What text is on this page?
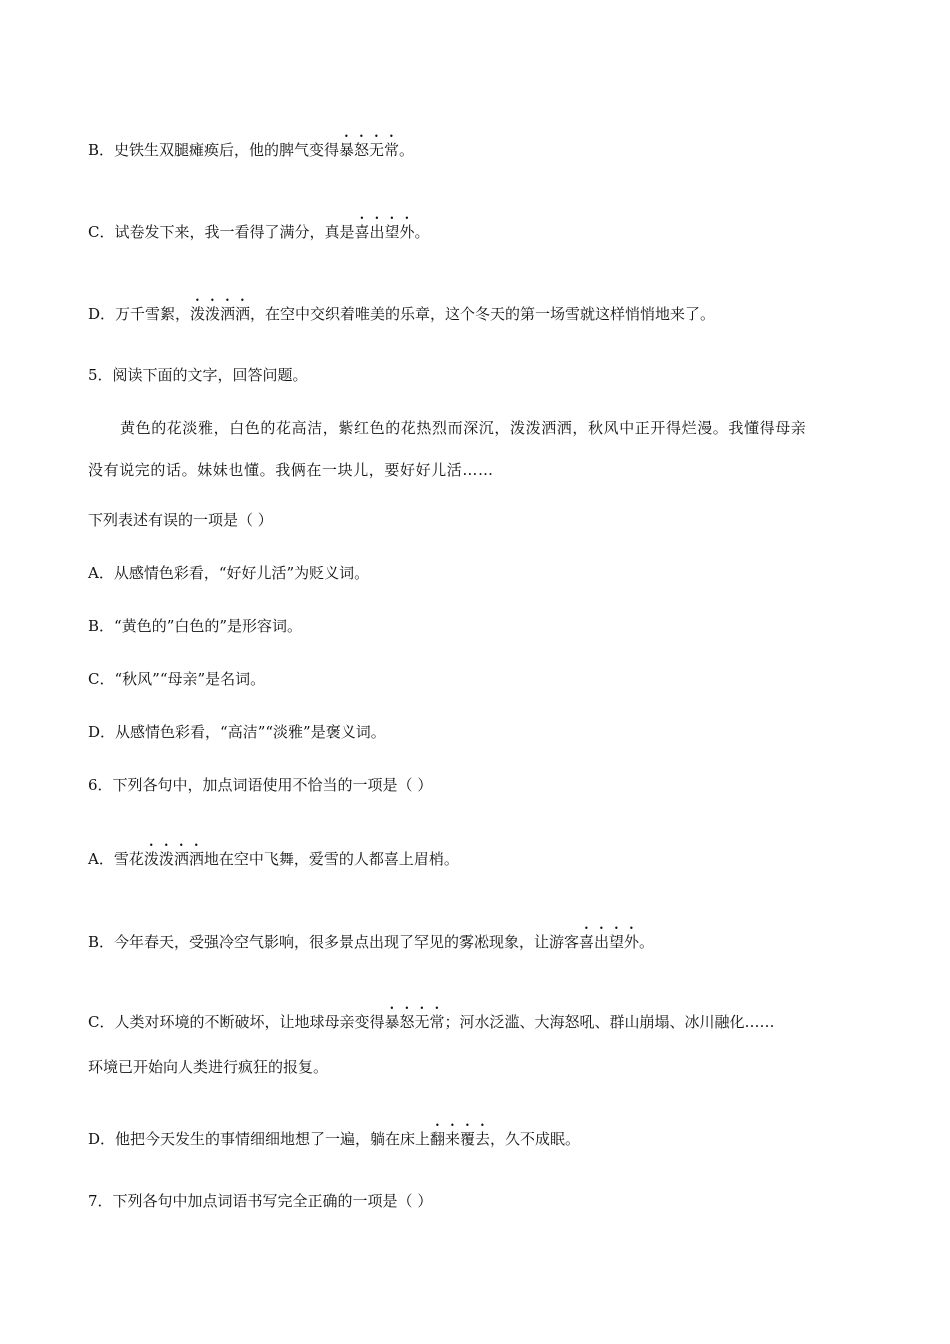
B．史铁生双腿瘫痪后，他的脾气变得暴怒无常。
C．试卷发下来，我一看得了满分，真是喜出望外。
D．万千雪絮，泼泼洒洒，在空中交织着唯美的乐章，这个冬天的第一场雪就这样悄悄地来了。
5．阅读下面的文字，回答问题。
黄色的花淡雅，白色的花高洁，紫红色的花热烈而深沉，泼泼洒洒，秋风中正开得烂漫。我懂得母亲
没有说完的话。妹妹也懂。我俩在一块儿，要好好儿活……
下列表述有误的一项是（ ）
A．从感情色彩看，“好好儿活”为贬义词。
B．“黄色的”白色的”是形容词。
C．“秋风”“母亲”是名词。
D．从感情色彩看，“高洁”“淡雅”是褒义词。
6．下列各句中，加点词语使用不恰当的一项是（ ）
A．雪花泼泼洒洒地在空中飞舞，爱雪的人都喜上眉梢。
B．今年春天，受强冷空气影响，很多景点出现了罕见的雾凇现象，让游客喜出望外。
C．人类对环境的不断破坏，让地球母亲变得暴怒无常；河水泛滥、大海怒吼、群山崩塌、冰川融化……
环境已开始向人类进行疯狂的报复。
D．他把今天发生的事情细细地想了一遍，躺在床上翻来覆去，久不成眠。
7．下列各句中加点词语书写完全正确的一项是（ ）
